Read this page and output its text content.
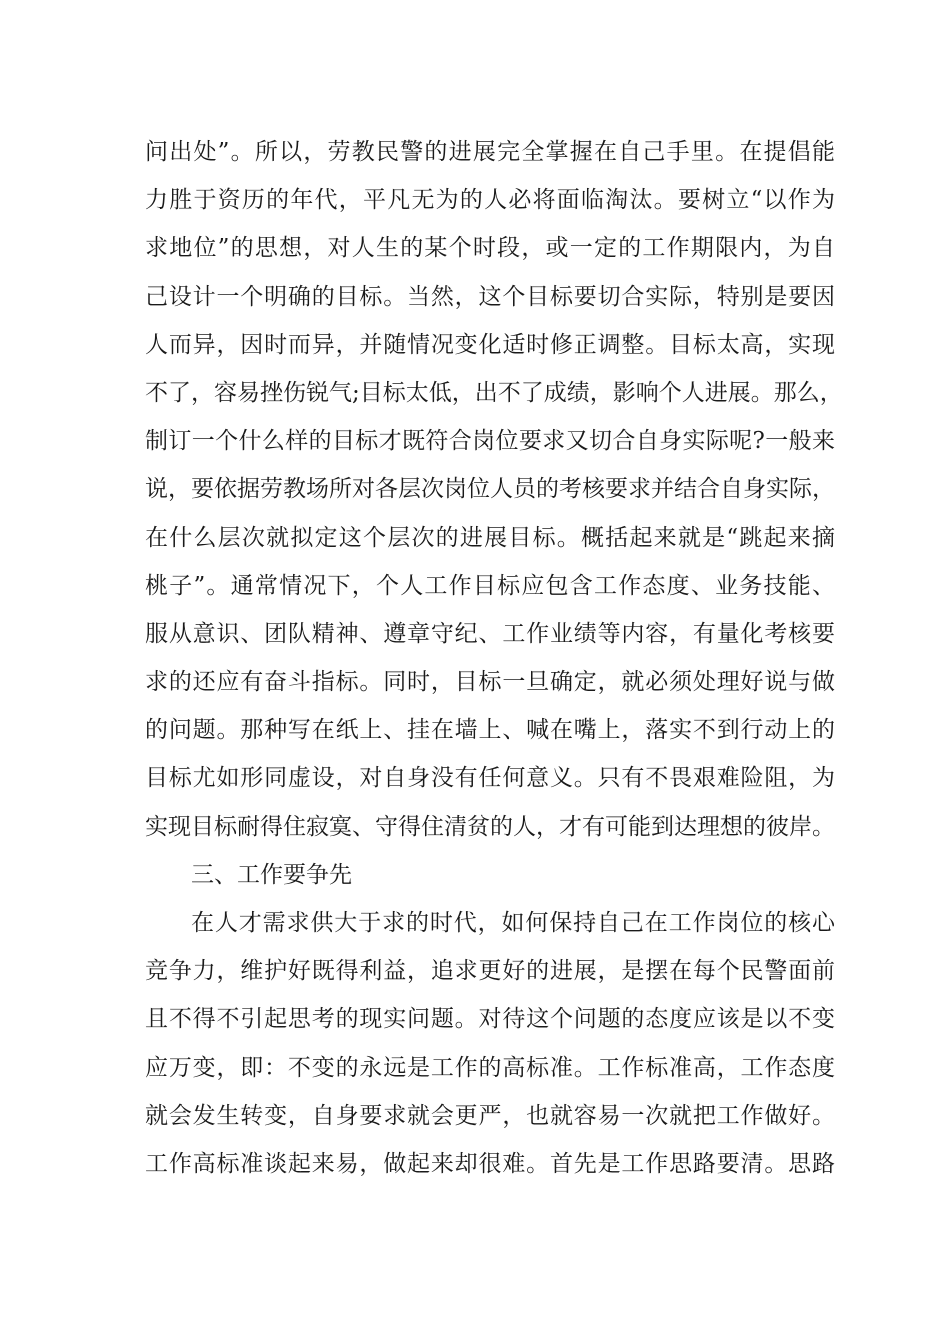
问出处”。所以，劳教民警的进展完全掌握在自己手里。在提倡能
力胜于资历的年代，平凡无为的人必将面临淘汰。要树立“以作为
求地位”的思想，对人生的某个时段，或一定的工作期限内，为自
己设计一个明确的目标。当然，这个目标要切合实际，特别是要因
人而异，因时而异，并随情况变化适时修正调整。目标太高，实现
不了，容易挫伤锐气;目标太低，出不了成绩，影响个人进展。那么，
制订一个什么样的目标才既符合岗位要求又切合自身实际呢?一般来
说，要依据劳教场所对各层次岗位人员的考核要求并结合自身实际，
在什么层次就拟定这个层次的进展目标。概括起来就是“跳起来摘
桃子”。通常情况下，个人工作目标应包含工作态度、业务技能、
服从意识、团队精神、遵章守纪、工作业绩等内容，有量化考核要
求的还应有奋斗指标。同时，目标一旦确定，就必须处理好说与做
的问题。那种写在纸上、挂在墙上、喊在嘴上，落实不到行动上的
目标尤如形同虚设，对自身没有任何意义。只有不畏艰难险阻，为
实现目标耐得住寂寞、守得住清贫的人，才有可能到达理想的彼岸。
三、工作要争先
在人才需求供大于求的时代，如何保持自己在工作岗位的核心
竞争力，维护好既得利益，追求更好的进展，是摆在每个民警面前
且不得不引起思考的现实问题。对待这个问题的态度应该是以不变
应万变，即：不变的永远是工作的高标准。工作标准高，工作态度
就会发生转变，自身要求就会更严，也就容易一次就把工作做好。
工作高标准谈起来易，做起来却很难。首先是工作思路要清。思路
